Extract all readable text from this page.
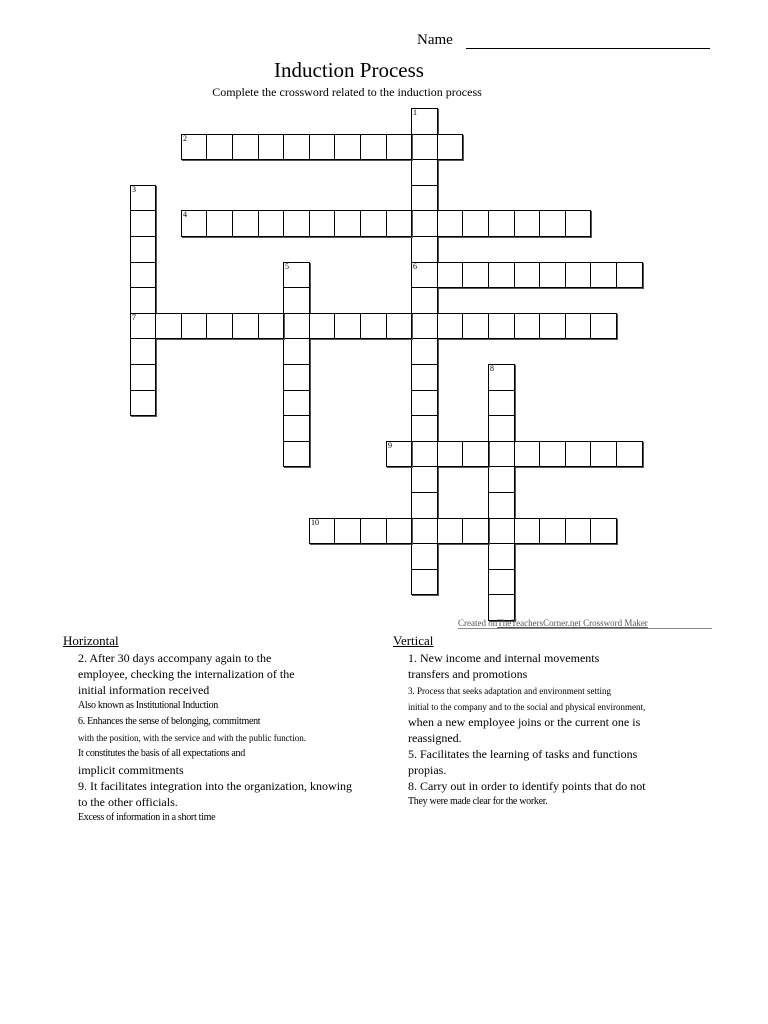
Name
Induction Process
Complete the crossword related to the induction process
1
6
2
3
7
4
5
8
9
10
Created onTheTeachersCorner.net Crossword Maker
Horizontal	Vertical
2. After 30 days accompany again to the
employee, checking the internalization of the
initial information received
Also known as Institutional Induction
6. Enhances the sense of belonging, commitment
with the position, with the service and with the public function.
It constitutes the basis of all expectations and
implicit commitments
9. It facilitates integration into the organization, knowing
to the other officials.
Excess of information in a short time
1. New income and internal movements
transfers and promotions
3. Process that seeks adaptation and environment setting
initial to the company and to the social and physical environment,
when a new employee joins or the current one is
reassigned.
5. Facilitates the learning of tasks and functions
propias.
8. Carry out in order to identify points that do not
They were made clear for the worker.
